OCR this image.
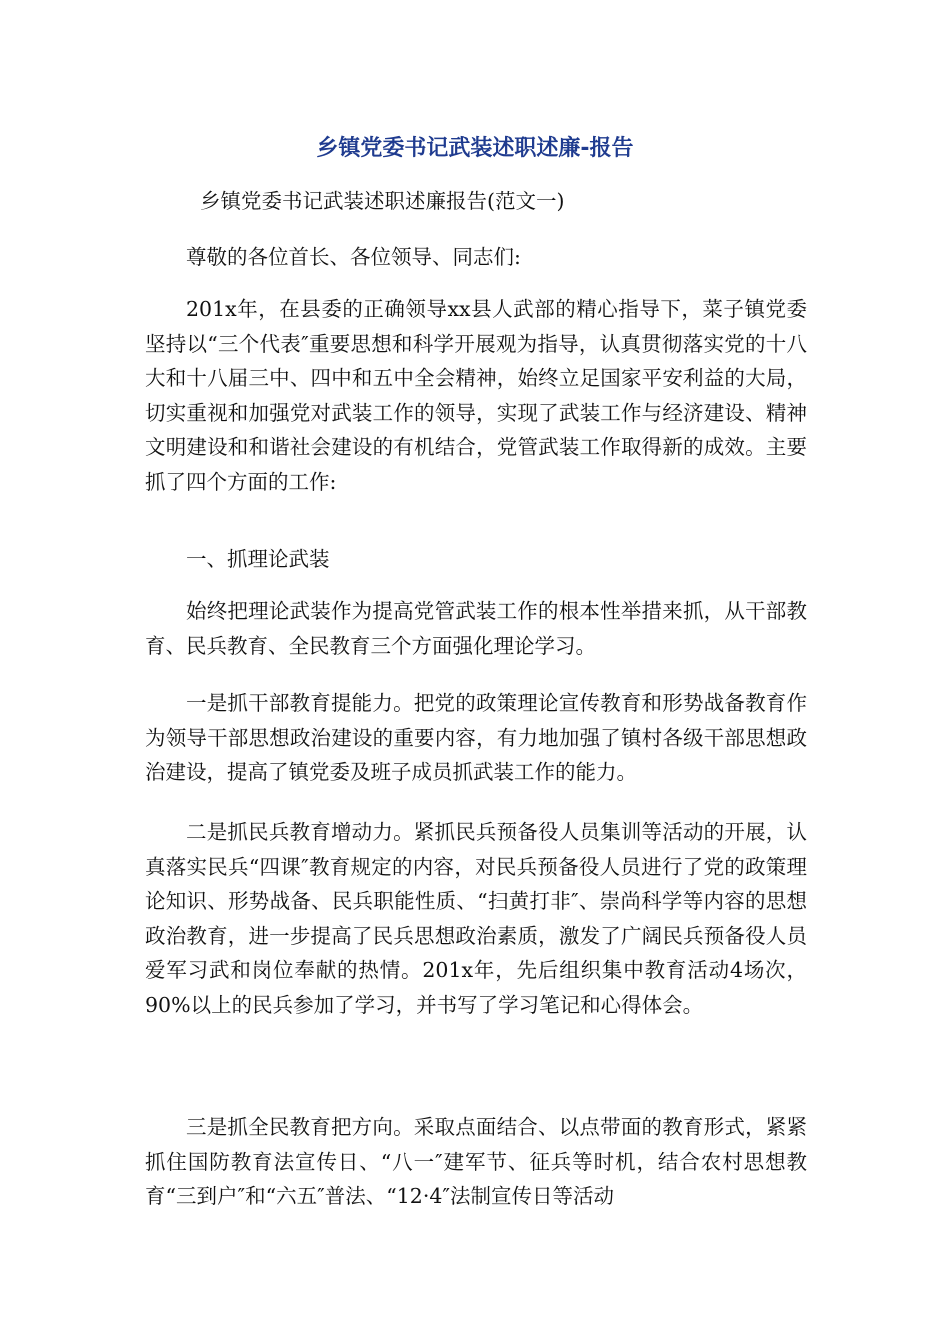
乡镇党委书记武装述职述廉-报告

乡镇党委书记武装述职述廉报告(范文一)

尊敬的各位首长、各位领导、同志们:

201x年，在县委的正确领导xx县人武部的精心指导下，菜子镇党委坚持以“三个代表″重要思想和科学开展观为指导，认真贯彻落实党的十八大和十八届三中、四中和五中全会精神，始终立足国家平安利益的大局，切实重视和加强党对武装工作的领导，实现了武装工作与经济建设、精神文明建设和和谐社会建设的有机结合，党管武装工作取得新的成效。主要抓了四个方面的工作:

一、抓理论武装

始终把理论武装作为提高党管武装工作的根本性举措来抓，从干部教育、民兵教育、全民教育三个方面强化理论学习。

一是抓干部教育提能力。把党的政策理论宣传教育和形势战备教育作为领导干部思想政治建设的重要内容，有力地加强了镇村各级干部思想政治建设，提高了镇党委及班子成员抓武装工作的能力。

二是抓民兵教育增动力。紧抓民兵预备役人员集训等活动的开展，认真落实民兵“四课″教育规定的内容，对民兵预备役人员进行了党的政策理论知识、形势战备、民兵职能性质、“扫黄打非″、崇尚科学等内容的思想政治教育，进一步提高了民兵思想政治素质，激发了广阔民兵预备役人员爱军习武和岗位奉献的热情。201x年，先后组织集中教育活动4场次，90%以上的民兵参加了学习，并书写了学习笔记和心得体会。

三是抓全民教育把方向。采取点面结合、以点带面的教育形式，紧紧抓住国防教育法宣传日、“八一″建军节、征兵等时机，结合农村思想教育“三到户″和“六五″普法、“12·4″法制宣传日等活动
